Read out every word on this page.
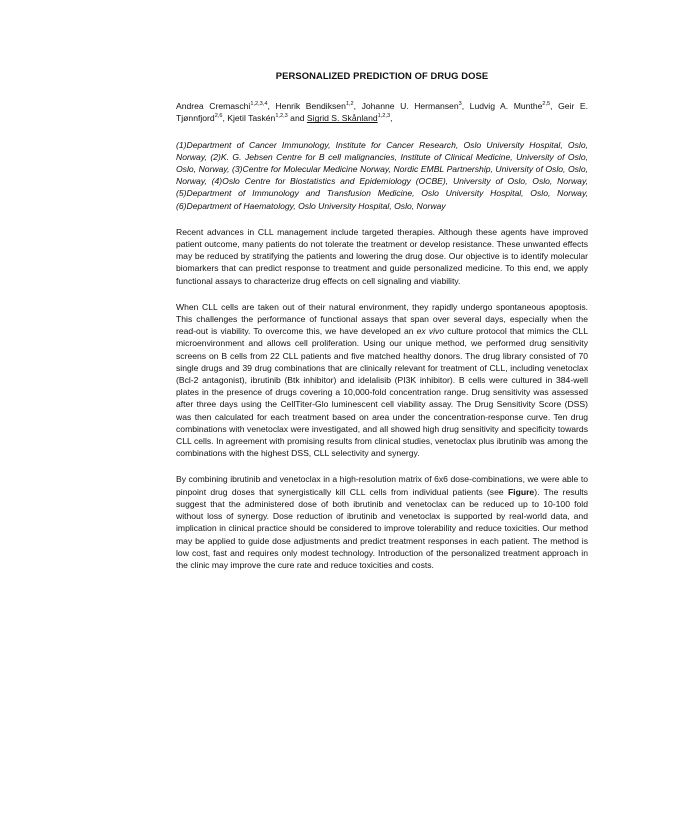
PERSONALIZED PREDICTION OF DRUG DOSE
Andrea Cremaschi$^{1,2,3,4}$, Henrik Bendiksen$^{1,2}$, Johanne U. Hermansen$^3$, Ludvig A. Munthe$^{2,5}$, Geir E. Tjønnfjord$^{2,6}$, Kjetil Taskén$^{1,2,3}$ and Sigrid S. Skånland$^{1,2,3}$,
(1)Department of Cancer Immunology, Institute for Cancer Research, Oslo University Hospital, Oslo, Norway, (2)K. G. Jebsen Centre for B cell malignancies, Institute of Clinical Medicine, University of Oslo, Oslo, Norway, (3)Centre for Molecular Medicine Norway, Nordic EMBL Partnership, University of Oslo, Oslo, Norway, (4)Oslo Centre for Biostatistics and Epidemiology (OCBE), University of Oslo, Oslo, Norway, (5)Department of Immunology and Transfusion Medicine, Oslo University Hospital, Oslo, Norway, (6)Department of Haematology, Oslo University Hospital, Oslo, Norway
Recent advances in CLL management include targeted therapies. Although these agents have improved patient outcome, many patients do not tolerate the treatment or develop resistance. These unwanted effects may be reduced by stratifying the patients and lowering the drug dose. Our objective is to identify molecular biomarkers that can predict response to treatment and guide personalized medicine. To this end, we apply functional assays to characterize drug effects on cell signaling and viability.
When CLL cells are taken out of their natural environment, they rapidly undergo spontaneous apoptosis. This challenges the performance of functional assays that span over several days, especially when the read-out is viability. To overcome this, we have developed an ex vivo culture protocol that mimics the CLL microenvironment and allows cell proliferation. Using our unique method, we performed drug sensitivity screens on B cells from 22 CLL patients and five matched healthy donors. The drug library consisted of 70 single drugs and 39 drug combinations that are clinically relevant for treatment of CLL, including venetoclax (Bcl-2 antagonist), ibrutinib (Btk inhibitor) and idelalisib (PI3K inhibitor). B cells were cultured in 384-well plates in the presence of drugs covering a 10,000-fold concentration range. Drug sensitivity was assessed after three days using the CellTiter-Glo luminescent cell viability assay. The Drug Sensitivity Score (DSS) was then calculated for each treatment based on area under the concentration-response curve. Ten drug combinations with venetoclax were investigated, and all showed high drug sensitivity and specificity towards CLL cells. In agreement with promising results from clinical studies, venetoclax plus ibrutinib was among the combinations with the highest DSS, CLL selectivity and synergy.
By combining ibrutinib and venetoclax in a high-resolution matrix of 6x6 dose-combinations, we were able to pinpoint drug doses that synergistically kill CLL cells from individual patients (see Figure). The results suggest that the administered dose of both ibrutinib and venetoclax can be reduced up to 10-100 fold without loss of synergy. Dose reduction of ibrutinib and venetoclax is supported by real-world data, and implication in clinical practice should be considered to improve tolerability and reduce toxicities. Our method may be applied to guide dose adjustments and predict treatment responses in each patient. The method is low cost, fast and requires only modest technology. Introduction of the personalized treatment approach in the clinic may improve the cure rate and reduce toxicities and costs.
